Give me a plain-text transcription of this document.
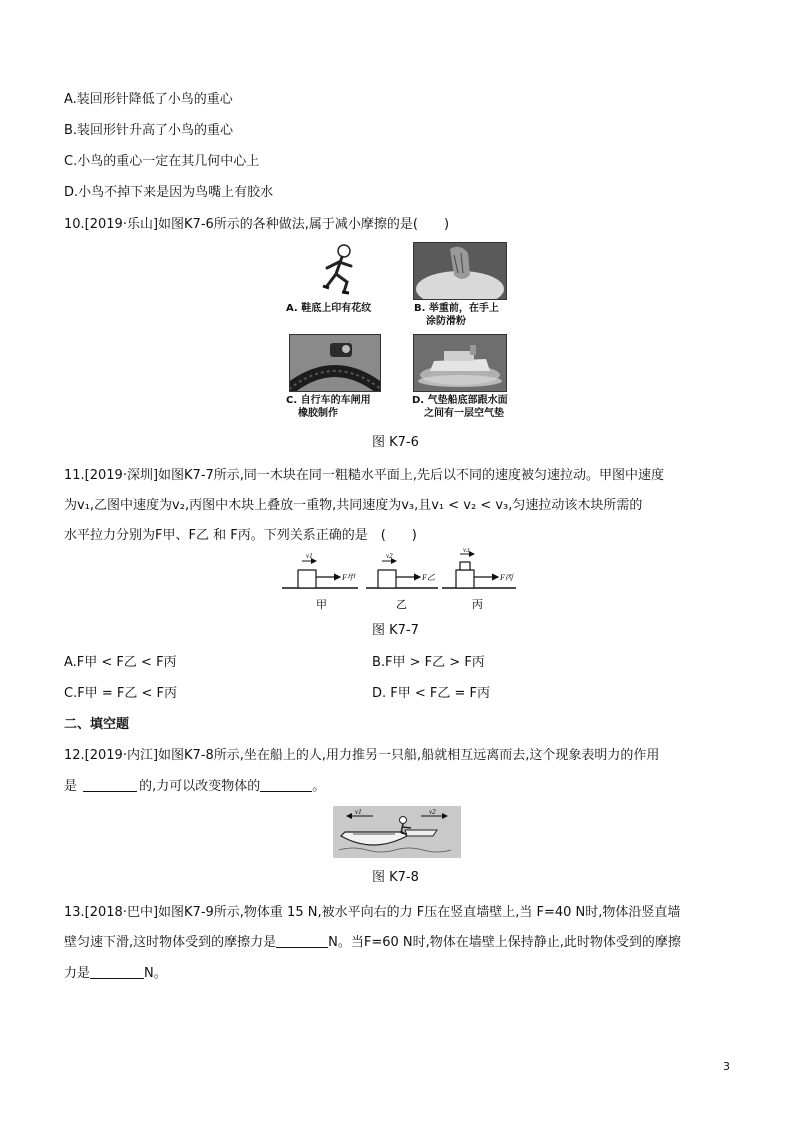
A.装回形针降低了小鸟的重心
B.装回形针升高了小鸟的重心
C.小鸟的重心一定在其几何中心上
D.小鸟不掉下来是因为鸟嘴上有胶水
10.[2019·乐山]如图K7-6所示的各种做法,属于减小摩擦的是(　　)
A. 鞋底上印有花纹	B. 举重前，在手上
涂防滑粉
C. 自行车的车闸用
橡胶制作
D. 气垫船底部跟水面
之间有一层空气垫
图 K7-6
11.[2019·深圳]如图K7-7所示,同一木块在同一粗糙水平面上,先后以不同的速度被匀速拉动。甲图中速度
为v₁,乙图中速度为v₂,丙图中木块上叠放一重物,共同速度为v₃,且v₁ < v₂ < v₃,匀速拉动该木块所需的
水平拉力分别为F甲、F乙 和 F丙。下列关系正确的是　(　　)
v1	v2
v3
F甲	F乙	F丙
甲	乙	丙
图 K7-7
A.F甲 < F乙 < F丙	B.F甲 > F乙 > F丙
C.F甲 = F乙 < F丙	D. F甲 < F乙 = F丙
二、填空题
12.[2019·内江]如图K7-8所示,坐在船上的人,用力推另一只船,船就相互远离而去,这个现象表明力的作用
是	的,力可以改变物体的	。
v1	v2
图 K7-8
13.[2018·巴中]如图K7-9所示,物体重 15 N,被水平向右的力 F压在竖直墙壁上,当 F=40 N时,物体沿竖直墙
壁匀速下滑,这时物体受到的摩擦力是	N。当F=60 N时,物体在墙壁上保持静止,此时物体受到的摩擦
力是	N。
3
